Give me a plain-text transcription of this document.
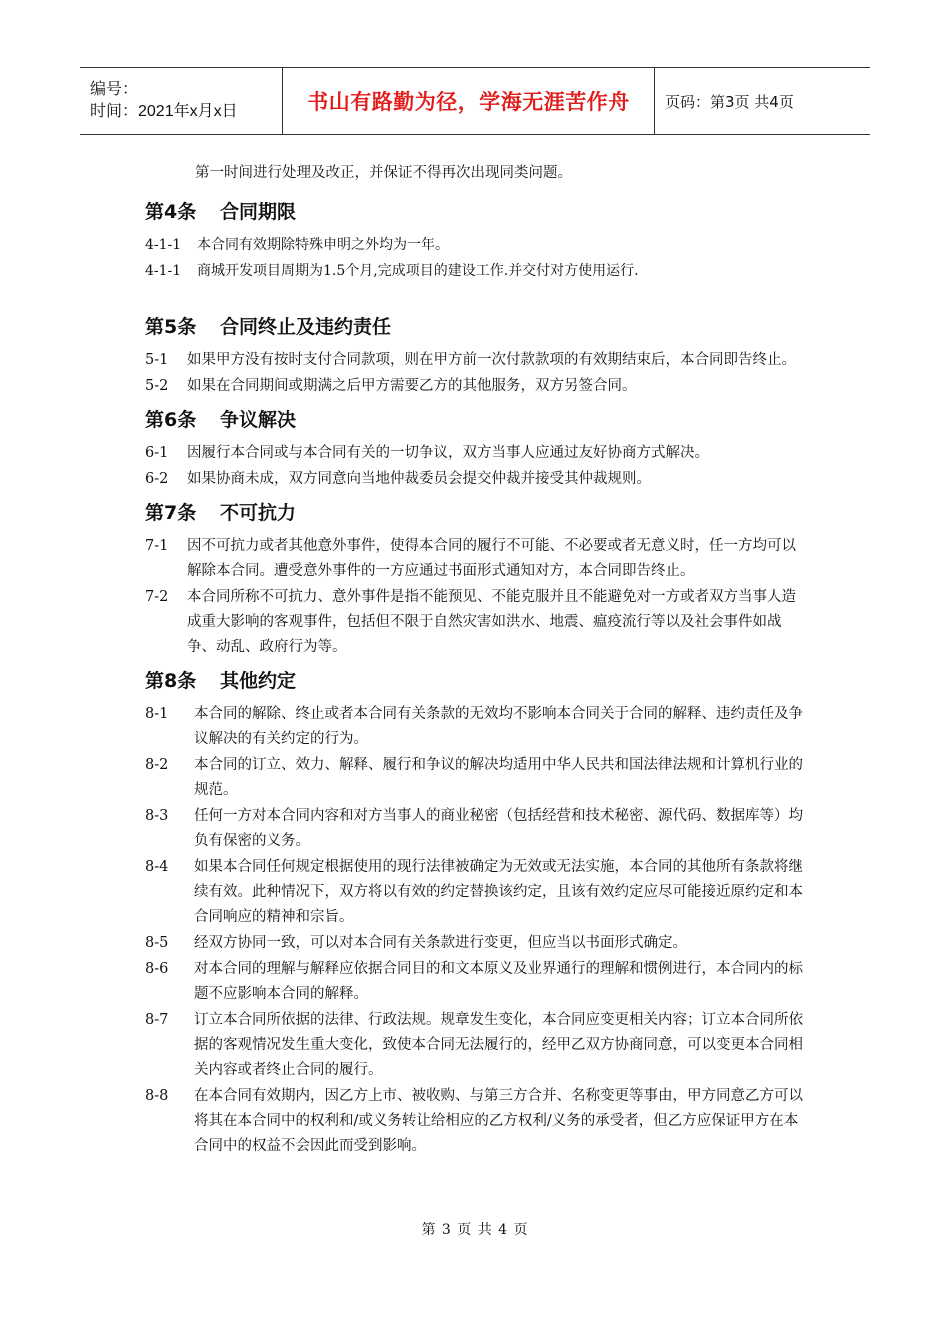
编号：
时间：2021年x月x日	书山有路勤为径，学海无涯苦作舟	页码：第3页 共4页

第一时间进行处理及改正，并保证不得再次出现同类问题。

第4条 合同期限
4-1-1	本合同有效期除特殊申明之外均为一年。
4-1-1	商城开发项目周期为1.5个月,完成项目的建设工作.并交付对方使用运行.
第5条 合同终止及违约责任
5-1	如果甲方没有按时支付合同款项，则在甲方前一次付款款项的有效期结束后，本合同即告终止。
5-2	如果在合同期间或期满之后甲方需要乙方的其他服务，双方另签合同。
第6条 争议解决
6-1	因履行本合同或与本合同有关的一切争议，双方当事人应通过友好协商方式解决。
6-2	如果协商未成，双方同意向当地仲裁委员会提交仲裁并接受其仲裁规则。
第7条 不可抗力
7-1	因不可抗力或者其他意外事件，使得本合同的履行不可能、不必要或者无意义时，任一方均可以解除本合同。遭受意外事件的一方应通过书面形式通知对方，本合同即告终止。
7-2	本合同所称不可抗力、意外事件是指不能预见、不能克服并且不能避免对一方或者双方当事人造成重大影响的客观事件，包括但不限于自然灾害如洪水、地震、瘟疫流行等以及社会事件如战争、动乱、政府行为等。
第8条 其他约定
8-1	本合同的解除、终止或者本合同有关条款的无效均不影响本合同关于合同的解释、违约责任及争议解决的有关约定的行为。
8-2	本合同的订立、效力、解释、履行和争议的解决均适用中华人民共和国法律法规和计算机行业的规范。
8-3	任何一方对本合同内容和对方当事人的商业秘密（包括经营和技术秘密、源代码、数据库等）均负有保密的义务。
8-4	如果本合同任何规定根据使用的现行法律被确定为无效或无法实施，本合同的其他所有条款将继续有效。此种情况下，双方将以有效的约定替换该约定，且该有效约定应尽可能接近原约定和本合同响应的精神和宗旨。
8-5	经双方协同一致，可以对本合同有关条款进行变更，但应当以书面形式确定。
8-6	对本合同的理解与解释应依据合同目的和文本原义及业界通行的理解和惯例进行，本合同内的标题不应影响本合同的解释。
8-7	订立本合同所依据的法律、行政法规。规章发生变化，本合同应变更相关内容；订立本合同所依据的客观情况发生重大变化，致使本合同无法履行的，经甲乙双方协商同意，可以变更本合同相关内容或者终止合同的履行。
8-8	在本合同有效期内，因乙方上市、被收购、与第三方合并、名称变更等事由，甲方同意乙方可以将其在本合同中的权利和/或义务转让给相应的乙方权利/义务的承受者，但乙方应保证甲方在本合同中的权益不会因此而受到影响。
第 3 页 共 4 页
